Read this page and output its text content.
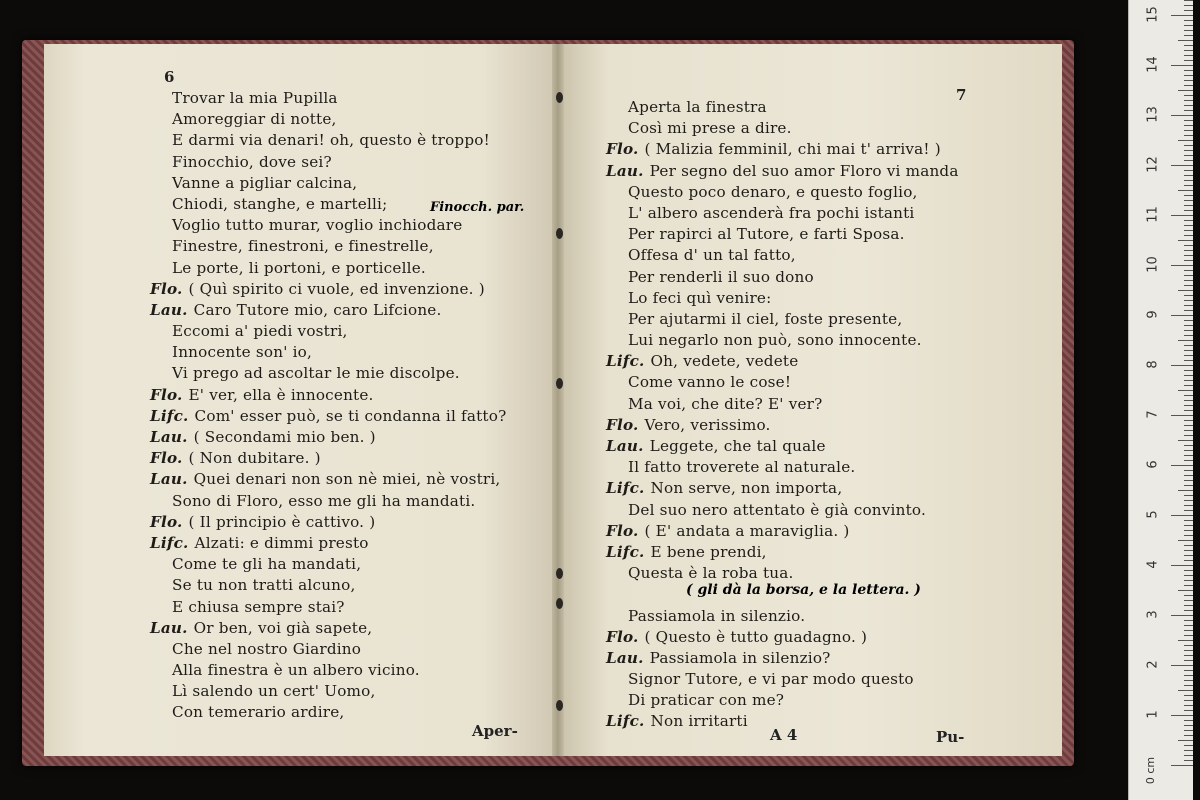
6
Trovar la mia Pupilla
Amoreggiar di notte,
E darmi via denari! oh, questo è troppo!
Finocchio, dove sei?
Vanne a pigliar calcina,
Chiodi, stanghe, e martelli;
Voglio tutto murar, voglio inchiodare
Finestre, finestroni, e finestrelle,
Le porte, li portoni, e porticelle.
Flo. ( Quì spirito ci vuole, ed invenzione. )
Lau. Caro Tutore mio, caro Lifcione.
Eccomi a' piedi vostri,
Innocente son' io,
Vi prego ad ascoltar le mie discolpe.
Flo. E' ver, ella è innocente.
Lifc. Com' esser può, se ti condanna il fatto?
Lau. ( Secondami mio ben. )
Flo. ( Non dubitare. )
Lau. Quei denari non son nè miei, nè vostri,
Sono di Floro, esso me gli ha mandati.
Flo. ( Il principio è cattivo. )
Lifc. Alzati: e dimmi presto
Come te gli ha mandati,
Se tu non tratti alcuno,
E chiusa sempre stai?
Lau. Or ben, voi già sapete,
Che nel nostro Giardino
Alla finestra è un albero vicino.
Lì salendo un cert' Uomo,
Con temerario ardire,
Finocch. par.
Aper-
7
Aperta la finestra
Così mi prese a dire.
Flo. ( Malizia femminil, chi mai t' arriva! )
Lau. Per segno del suo amor Floro vi manda
Questo poco denaro, e questo foglio,
L' albero ascenderà fra pochi istanti
Per rapirci al Tutore, e farti Sposa.
Offesa d' un tal fatto,
Per renderli il suo dono
Lo feci quì venire:
Per ajutarmi il ciel, foste presente,
Lui negarlo non può, sono innocente.
Lifc. Oh, vedete, vedete
Come vanno le cose!
Ma voi, che dite? E' ver?
Flo. Vero, verissimo.
Lau. Leggete, che tal quale
Il fatto troverete al naturale.
Lifc. Non serve, non importa,
Del suo nero attentato è già convinto.
Flo. ( E' andata a maraviglia. )
Lifc. E bene prendi,
Questa è la roba tua.
Passiamola in silenzio.
Flo. ( Questo è tutto guadagno. )
Lau. Passiamola in silenzio?
Signor Tutore, e vi par modo questo
Di praticar con me?
Lifc. Non irritarti
( gli dà la borsa, e la lettera. )
A 4	Pu-
0 cm
1
2
3
4
5
6
7
8
9
10
11
12
13
14
15
